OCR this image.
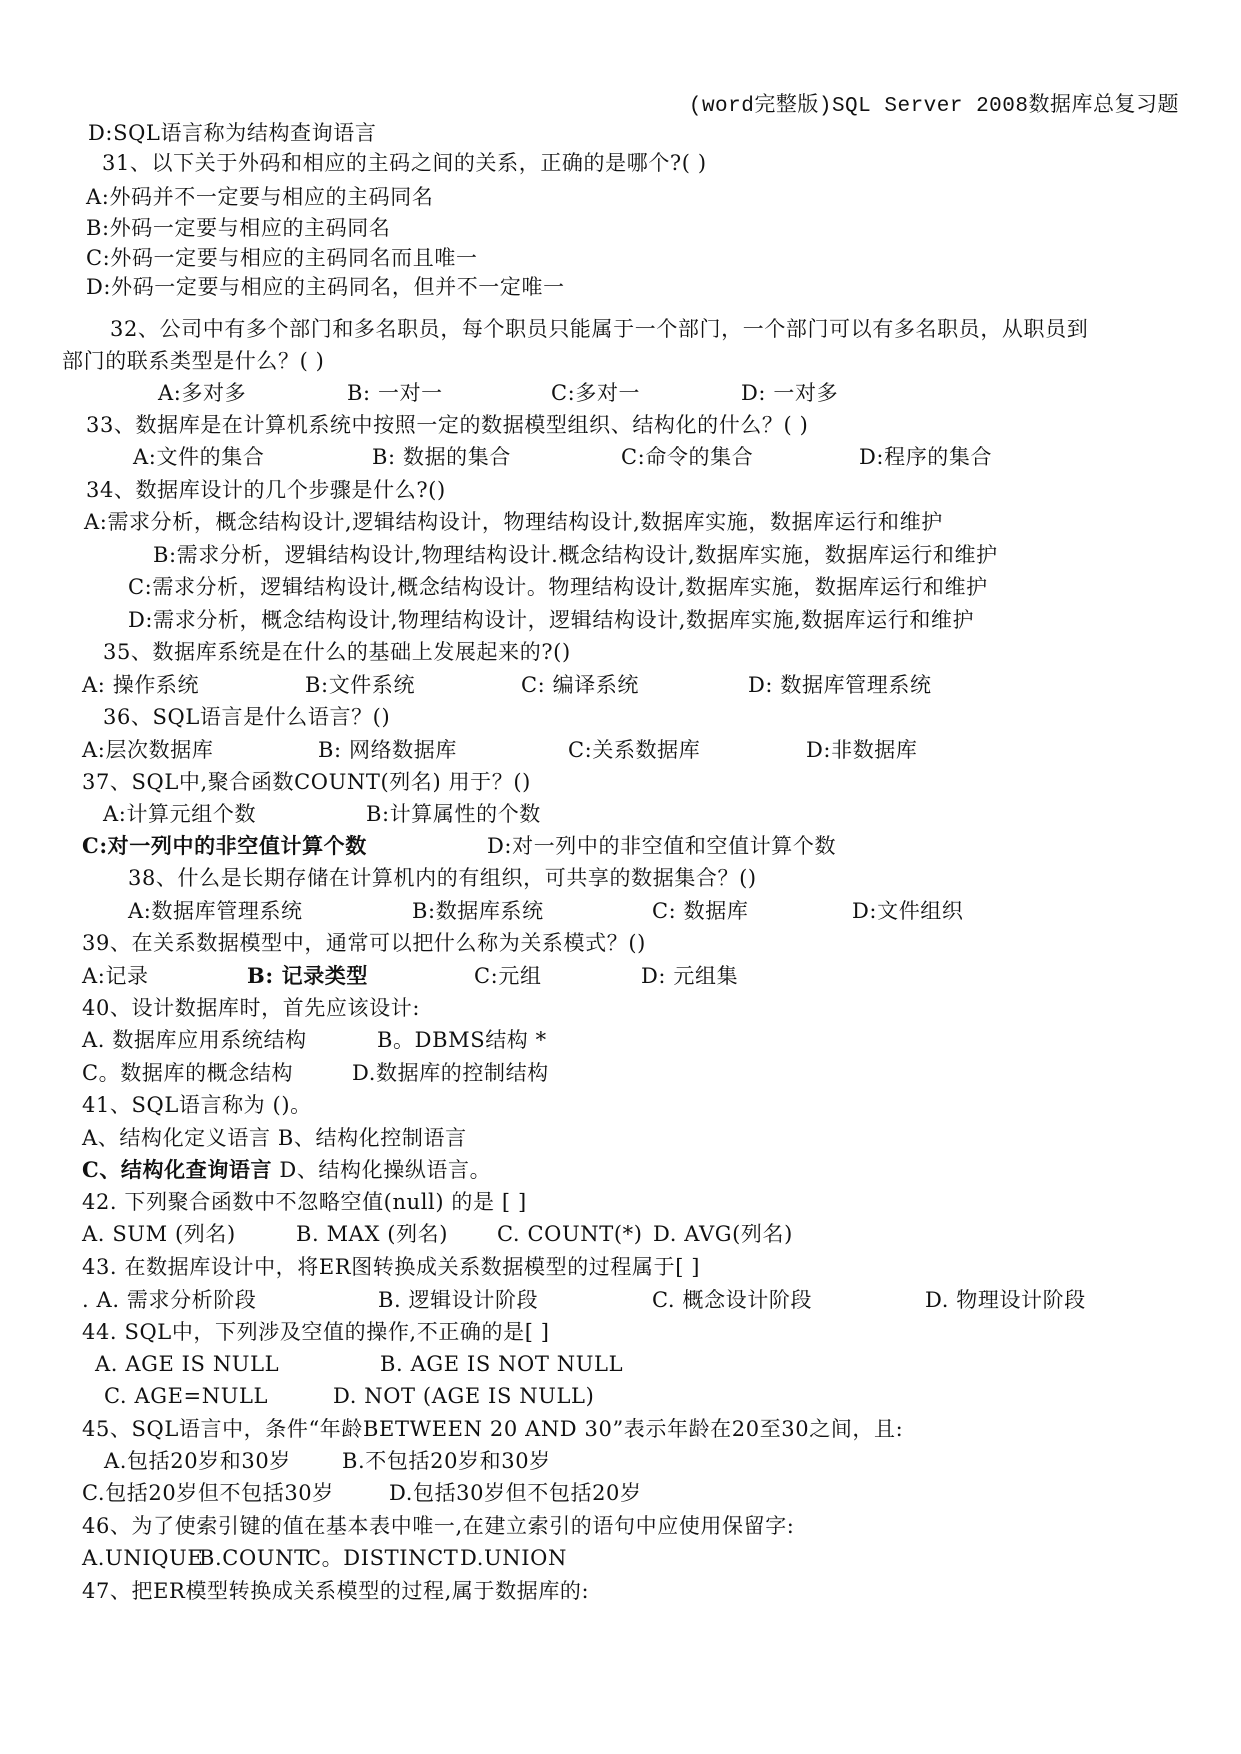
(word完整版)SQL Server 2008数据库总复习题
D:SQL语言称为结构查询语言
31、以下关于外码和相应的主码之间的关系，正确的是哪个?( )
A:外码并不一定要与相应的主码同名
B:外码一定要与相应的主码同名
C:外码一定要与相应的主码同名而且唯一
D:外码一定要与相应的主码同名，但并不一定唯一
32、公司中有多个部门和多名职员，每个职员只能属于一个部门，一个部门可以有多名职员，从职员到
部门的联系类型是什么？( )
A:多对多	B: 一对一	C:多对一	D: 一对多
33、数据库是在计算机系统中按照一定的数据模型组织、结构化的什么？( )
A:文件的集合	B: 数据的集合	C:命令的集合	D:程序的集合
34、数据库设计的几个步骤是什么?()
A:需求分析，概念结构设计,逻辑结构设计，物理结构设计,数据库实施，数据库运行和维护
B:需求分析，逻辑结构设计,物理结构设计.概念结构设计,数据库实施，数据库运行和维护
C:需求分析，逻辑结构设计,概念结构设计。物理结构设计,数据库实施，数据库运行和维护
D:需求分析，概念结构设计,物理结构设计，逻辑结构设计,数据库实施,数据库运行和维护
35、数据库系统是在什么的基础上发展起来的?()
A: 操作系统	B:文件系统	C: 编译系统	D: 数据库管理系统
36、SQL语言是什么语言？()
A:层次数据库	B: 网络数据库	C:关系数据库	D:非数据库
37、SQL中,聚合函数COUNT(列名) 用于？()
A:计算元组个数	B:计算属性的个数
C:对一列中的非空值计算个数	D:对一列中的非空值和空值计算个数
38、什么是长期存储在计算机内的有组织，可共享的数据集合？()
A:数据库管理系统	B:数据库系统	C: 数据库	D:文件组织
39、在关系数据模型中，通常可以把什么称为关系模式？()
A:记录	B: 记录类型	C:元组	D: 元组集
40、设计数据库时，首先应该设计:
A. 数据库应用系统结构	B。DBMS结构 *
C。数据库的概念结构	D.数据库的控制结构
41、SQL语言称为 ()。
A、结构化定义语言 B、结构化控制语言
C、结构化查询语言 D、结构化操纵语言。
42. 下列聚合函数中不忽略空值(null) 的是 [ ]
A. SUM (列名)	B. MAX (列名) C. COUNT(*) D. AVG(列名)
43. 在数据库设计中，将ER图转换成关系数据模型的过程属于[ ]
. A. 需求分析阶段	B. 逻辑设计阶段	C. 概念设计阶段	D. 物理设计阶段
44. SQL中，下列涉及空值的操作,不正确的是[ ]
A. AGE IS NULL	B. AGE IS NOT NULL
C. AGE=NULL	D. NOT (AGE IS NULL)
45、SQL语言中，条件“年龄BETWEEN 20 AND 30”表示年龄在20至30之间，且:
A.包括20岁和30岁 B.不包括20岁和30岁
C.包括20岁但不包括30岁	D.包括30岁但不包括20岁
46、为了使索引键的值在基本表中唯一,在建立索引的语句中应使用保留字:
A.UNIQUE
B.COUNT
C。DISTINCT D.UNION
47、把ER模型转换成关系模型的过程,属于数据库的:
